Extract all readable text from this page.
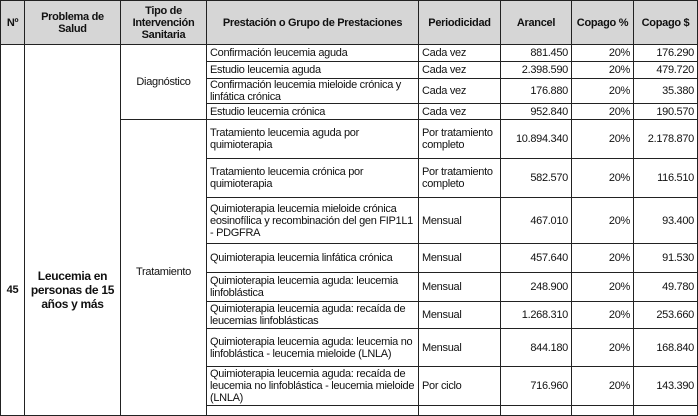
Nº	Problema de Salud	Tipo de Intervención Sanitaria	Prestación o Grupo de Prestaciones	Periodicidad	Arancel	Copago %	Copago $
45	Leucemia en personas de 15 años y más	Diagnóstico	Confirmación leucemia aguda	Cada vez	881.450	20%	176.290
			Estudio leucemia aguda	Cada vez	2.398.590	20%	479.720
			Confirmación leucemia mieloide crónica y linfática crónica	Cada vez	176.880	20%	35.380
			Estudio leucemia crónica	Cada vez	952.840	20%	190.570
		Tratamiento	Tratamiento leucemia aguda por quimioterapia	Por tratamiento completo	10.894.340	20%	2.178.870
			Tratamiento leucemia crónica por quimioterapia	Por tratamiento completo	582.570	20%	116.510
			Quimioterapia leucemia mieloide crónica eosinofílica y recombinación del gen FIP1L1 - PDGFRA	Mensual	467.010	20%	93.400
			Quimioterapia leucemia linfática crónica	Mensual	457.640	20%	91.530
			Quimioterapia leucemia aguda: leucemia linfoblástica	Mensual	248.900	20%	49.780
			Quimioterapia leucemia aguda: recaída de leucemias linfoblásticas	Mensual	1.268.310	20%	253.660
			Quimioterapia leucemia aguda: leucemia no linfoblástica - leucemia mieloide (LNLA)	Mensual	844.180	20%	168.840
			Quimioterapia leucemia aguda: recaída de leucemia no linfoblástica - leucemia mieloide (LNLA)	Por ciclo	716.960	20%	143.390
